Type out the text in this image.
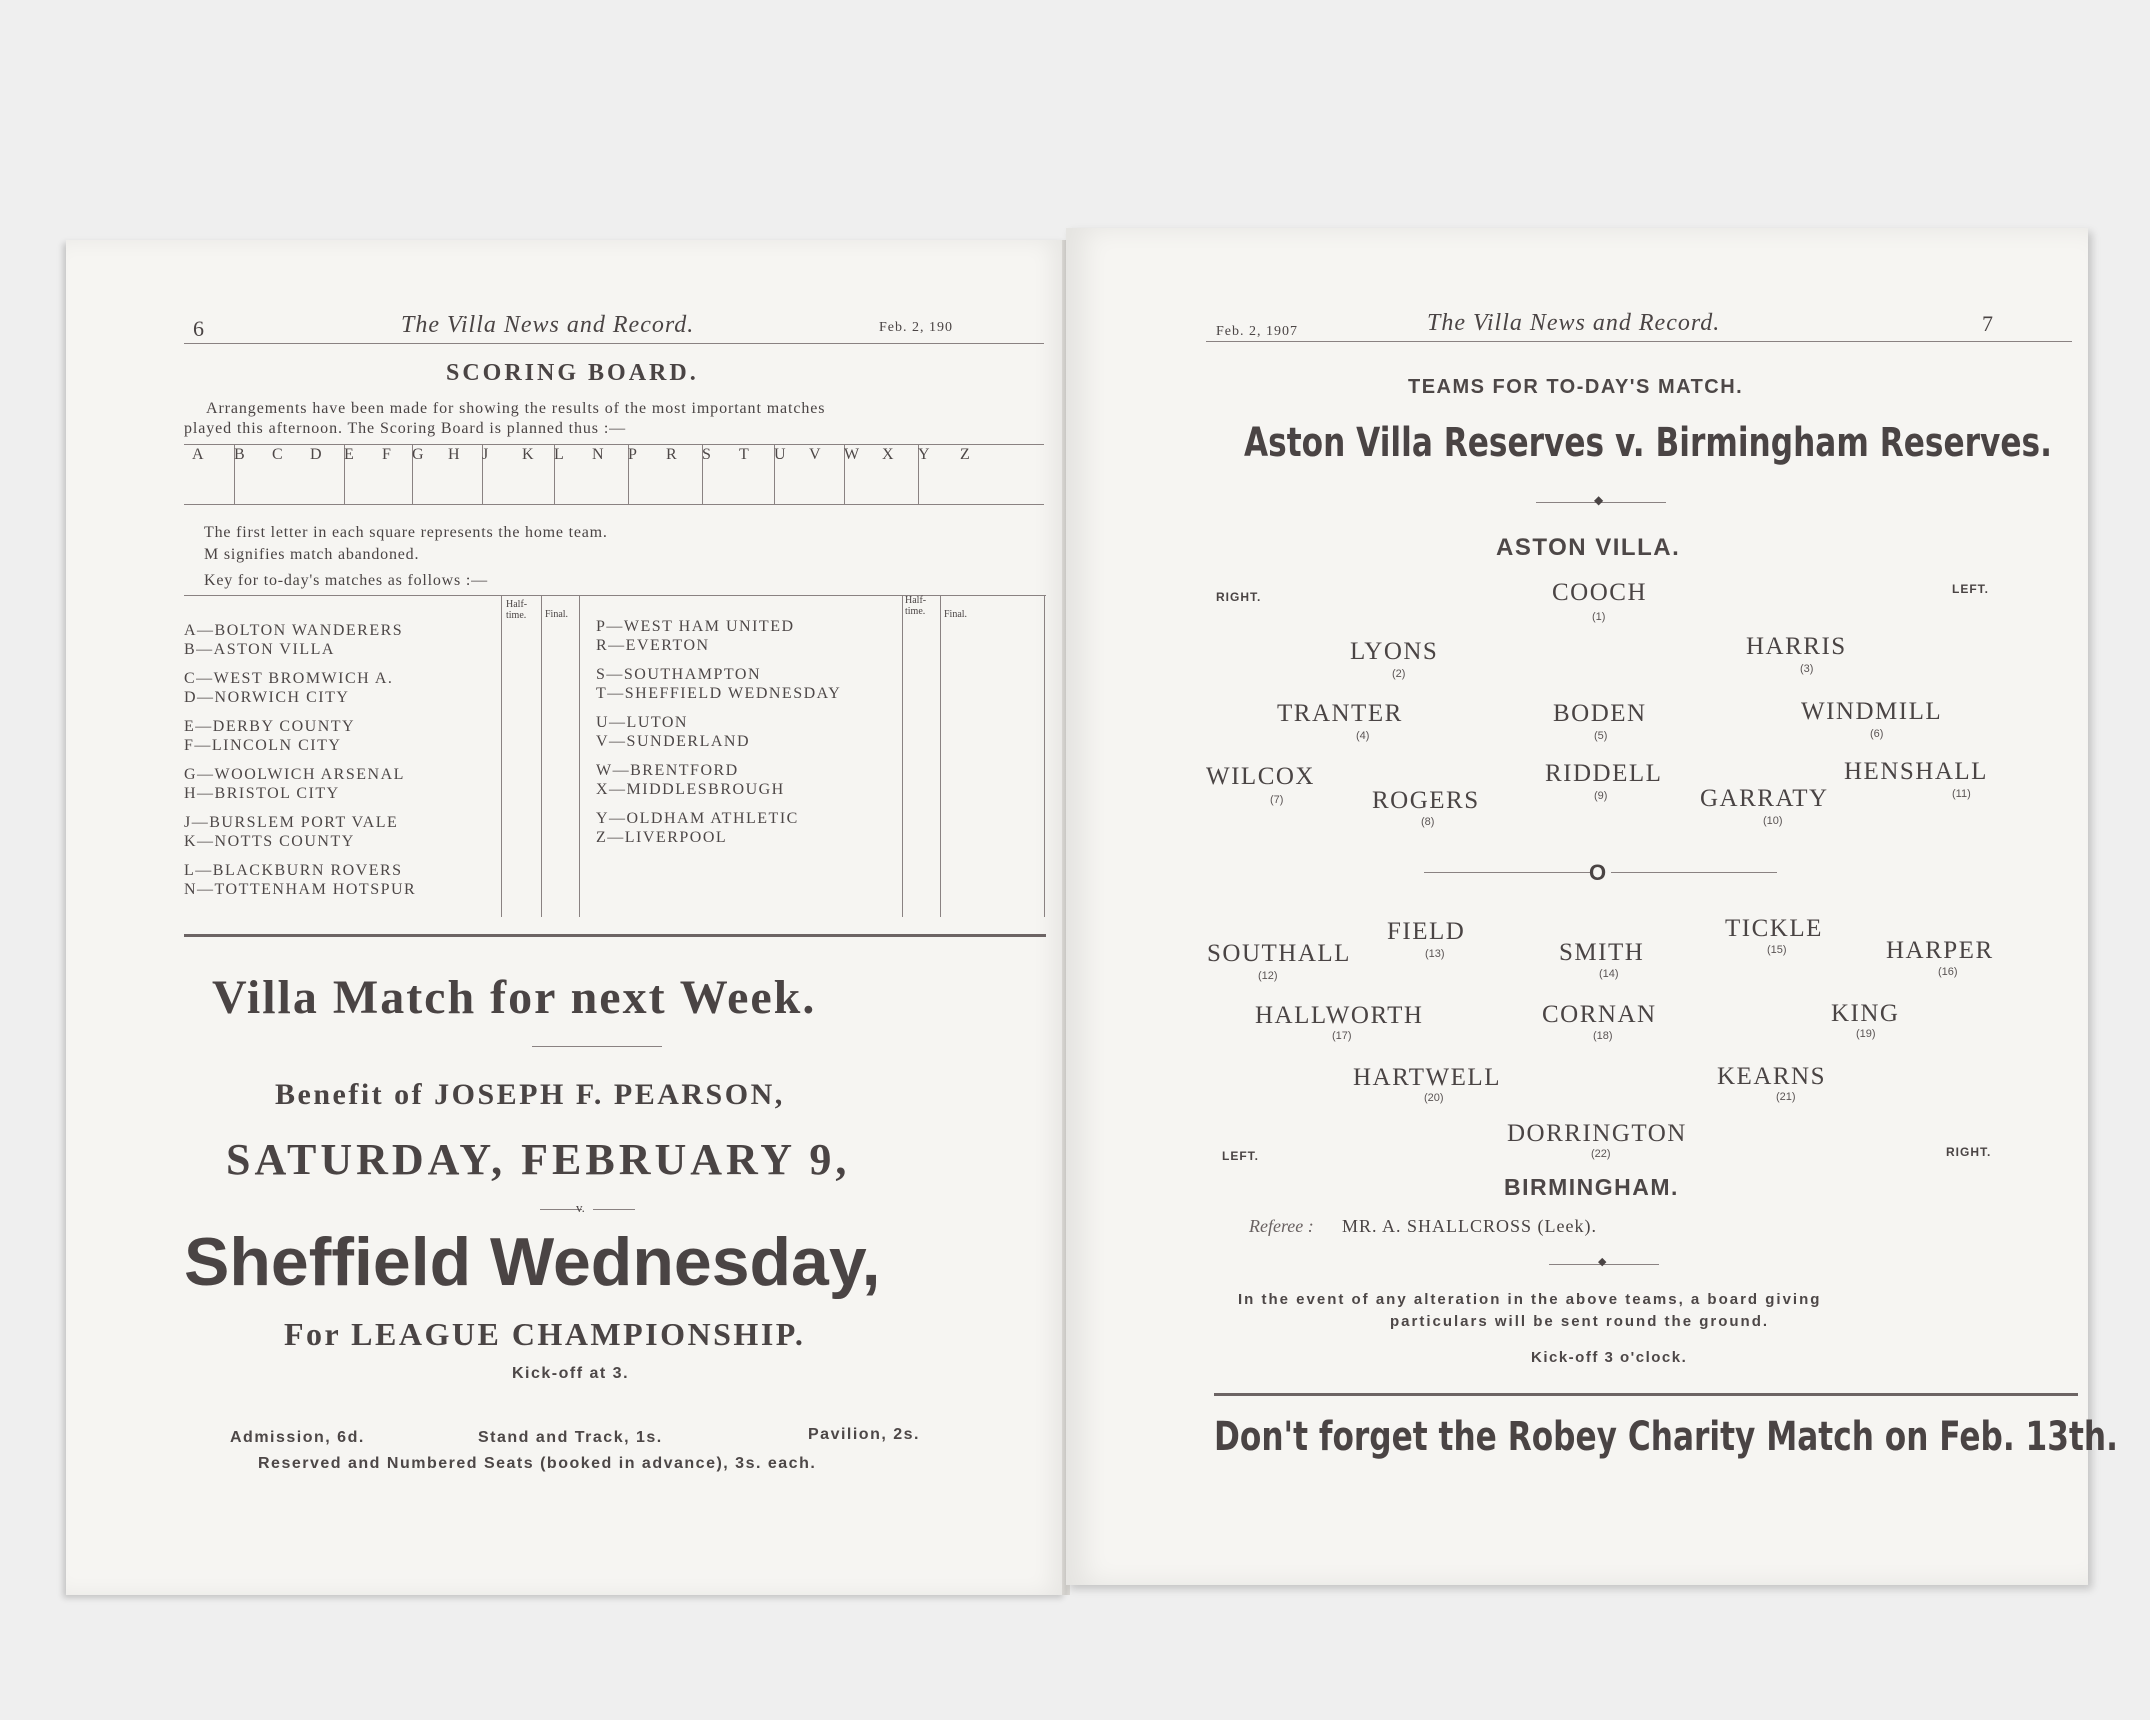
6	The Villa News and Record.	Feb. 2, 190
SCORING BOARD.
Arrangements have been made for showing the results of the most important matches
played this afternoon. The Scoring Board is planned thus :—
A B C D E F G H J K L N P R S T U V W X Y Z
The first letter in each square represents the home team.
M signifies match abandoned.
Key for to-day's matches as follows :—
Half-time.	Final.
Half-time.	Final.
A—BOLTON WANDERERS
B—ASTON VILLA
C—WEST BROMWICH A.
D—NORWICH CITY
E—DERBY COUNTY
F—LINCOLN CITY
G—WOOLWICH ARSENAL
H—BRISTOL CITY
J—BURSLEM PORT VALE
K—NOTTS COUNTY
L—BLACKBURN ROVERS
N—TOTTENHAM HOTSPUR
P—WEST HAM UNITED
R—EVERTON
S—SOUTHAMPTON
T—SHEFFIELD WEDNESDAY
U—LUTON
V—SUNDERLAND
W—BRENTFORD
X—MIDDLESBROUGH
Y—OLDHAM ATHLETIC
Z—LIVERPOOL
Villa Match for next Week.
Benefit of JOSEPH F. PEARSON,
SATURDAY, FEBRUARY 9,
v.
Sheffield Wednesday,
For LEAGUE CHAMPIONSHIP.
Kick-off at 3.
Admission, 6d.	Stand and Track, 1s.	Pavilion, 2s.
Reserved and Numbered Seats (booked in advance), 3s. each.
Feb. 2, 1907	The Villa News and Record.	7
TEAMS FOR TO-DAY'S MATCH.
Aston Villa Reserves v. Birmingham Reserves.
◆
ASTON VILLA.
RIGHT.
LEFT.
COOCH
(1)
LYONS
(2)
HARRIS
(3)
TRANTER
(4)
BODEN
(5)
WINDMILL
(6)
WILCOX
(7)	ROGERS
(8)
RIDDELL
(9)	GARRATY
(10)
HENSHALL
(11)
O
SOUTHALL
(12)
FIELD
(13)	SMITH
(14)
TICKLE
(15)	HARPER
(16)
HALLWORTH
(17)
CORNAN
(18)
KING
(19)
HARTWELL
(20)
KEARNS
(21)
DORRINGTON
(22)
LEFT.	RIGHT.
BIRMINGHAM.
Referee : MR. A. SHALLCROSS (Leek).
◆
In the event of any alteration in the above teams, a board giving
particulars will be sent round the ground.
Kick-off 3 o'clock.
Don't forget the Robey Charity Match on Feb. 13th.
